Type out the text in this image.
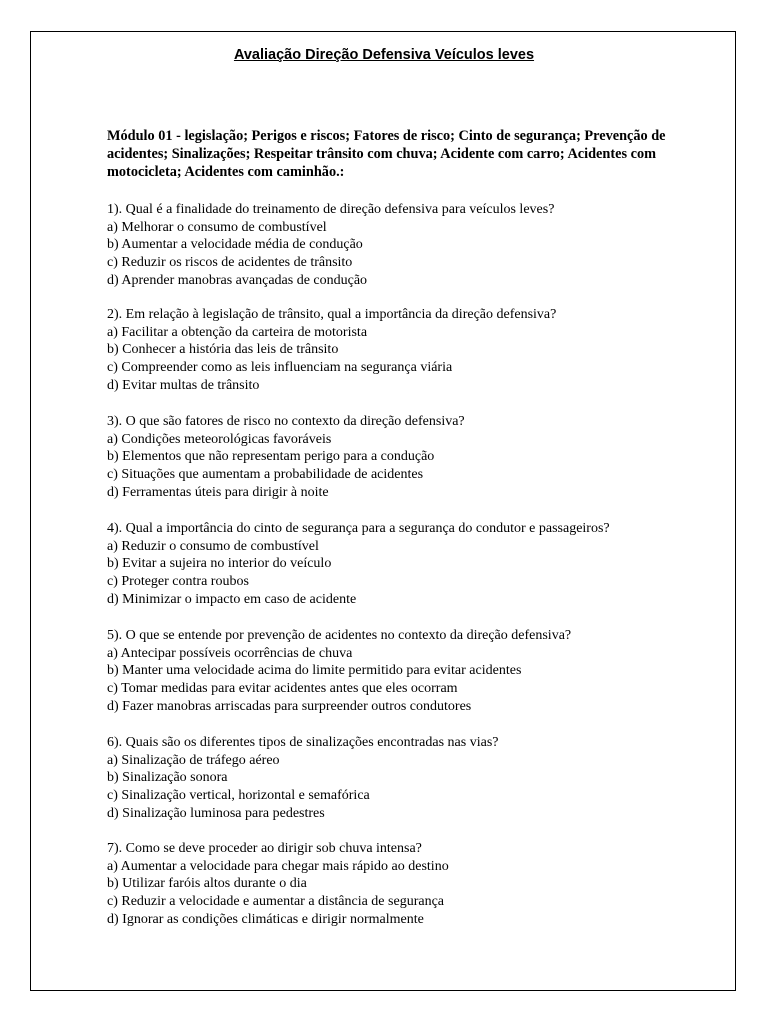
Avaliação Direção Defensiva Veículos leves

Módulo 01 - legislação; Perigos e riscos; Fatores de risco; Cinto de segurança; Prevenção de acidentes; Sinalizações; Respeitar trânsito com chuva; Acidente com carro; Acidentes com motocicleta; Acidentes com caminhão.:

1). Qual é a finalidade do treinamento de direção defensiva para veículos leves?
a) Melhorar o consumo de combustível
b) Aumentar a velocidade média de condução
c) Reduzir os riscos de acidentes de trânsito
d) Aprender manobras avançadas de condução
2). Em relação à legislação de trânsito, qual a importância da direção defensiva?
a) Facilitar a obtenção da carteira de motorista
b) Conhecer a história das leis de trânsito
c) Compreender como as leis influenciam na segurança viária
d) Evitar multas de trânsito
3). O que são fatores de risco no contexto da direção defensiva?
a) Condições meteorológicas favoráveis
b) Elementos que não representam perigo para a condução
c) Situações que aumentam a probabilidade de acidentes
d) Ferramentas úteis para dirigir à noite
4). Qual a importância do cinto de segurança para a segurança do condutor e passageiros?
a) Reduzir o consumo de combustível
b) Evitar a sujeira no interior do veículo
c) Proteger contra roubos
d) Minimizar o impacto em caso de acidente
5). O que se entende por prevenção de acidentes no contexto da direção defensiva?
a) Antecipar possíveis ocorrências de chuva
b) Manter uma velocidade acima do limite permitido para evitar acidentes
c) Tomar medidas para evitar acidentes antes que eles ocorram
d) Fazer manobras arriscadas para surpreender outros condutores
6). Quais são os diferentes tipos de sinalizações encontradas nas vias?
a) Sinalização de tráfego aéreo
b) Sinalização sonora
c) Sinalização vertical, horizontal e semafórica
d) Sinalização luminosa para pedestres
7). Como se deve proceder ao dirigir sob chuva intensa?
a) Aumentar a velocidade para chegar mais rápido ao destino
b) Utilizar faróis altos durante o dia
c) Reduzir a velocidade e aumentar a distância de segurança
d) Ignorar as condições climáticas e dirigir normalmente
